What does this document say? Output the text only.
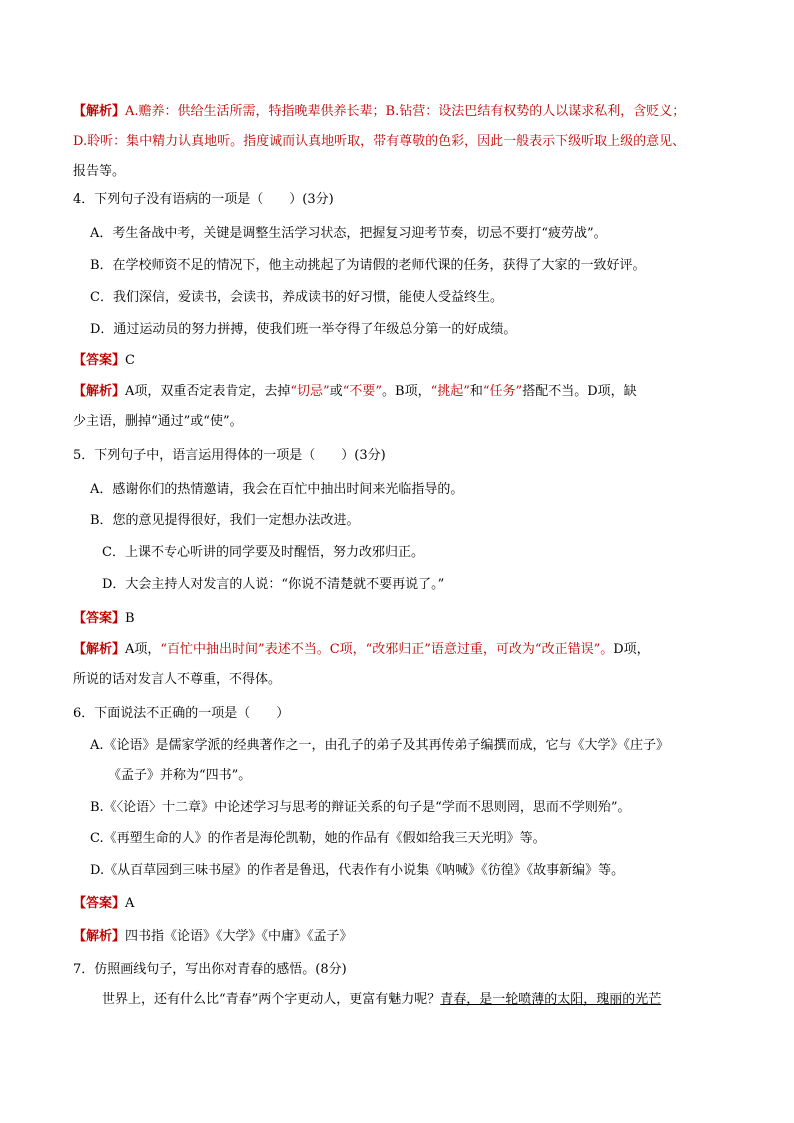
【解析】A.赡养：供给生活所需，特指晚辈供养长辈；B.钻营：设法巴结有权势的人以谋求私利，含贬义；
D.聆听：集中精力认真地听。指度诚而认真地听取，带有尊敬的色彩，因此一般表示下级听取上级的意见、
报告等。
4．下列句子没有语病的一项是（　　）(3分)
A．考生备战中考，关键是调整生活学习状态，把握复习迎考节奏，切忌不要打“疲劳战”。
B．在学校师资不足的情况下，他主动挑起了为请假的老师代课的任务，获得了大家的一致好评。
C．我们深信，爱读书，会读书，养成读书的好习惯，能使人受益终生。
D．通过运动员的努力拼搏，使我们班一举夺得了年级总分第一的好成绩。
【答案】C
【解析】A项，双重否定表肯定，去掉“切忌”或“不要”。B项，“挑起”和“任务”搭配不当。D项，缺
少主语，删掉“通过”或“使”。
5．下列句子中，语言运用得体的一项是（　　）(3分)
A．感谢你们的热情邀请，我会在百忙中抽出时间来光临指导的。
B．您的意见提得很好，我们一定想办法改进。
C．上课不专心听讲的同学要及时醒悟，努力改邪归正。
D．大会主持人对发言的人说：“你说不清楚就不要再说了。”
【答案】B
【解析】A项，“百忙中抽出时间”表述不当。C项，“改邪归正”语意过重，可改为“改正错误”。D项，
所说的话对发言人不尊重，不得体。
6．下面说法不正确的一项是（　　）
A.《论语》是儒家学派的经典著作之一，由孔子的弟子及其再传弟子编撰而成，它与《大学》《庄子》
《孟子》并称为“四书”。
B.《〈论语〉十二章》中论述学习与思考的辩证关系的句子是“学而不思则罔，思而不学则殆”。
C.《再塑生命的人》的作者是海伦凯勒，她的作品有《假如给我三天光明》等。
D.《从百草园到三味书屋》的作者是鲁迅，代表作有小说集《呐喊》《彷徨》《故事新编》等。
【答案】A
【解析】四书指《论语》《大学》《中庸》《孟子》
7．仿照画线句子，写出你对青春的感悟。(8分)
世界上，还有什么比“青春”两个字更动人，更富有魅力呢？青春，是一轮喷薄的太阳，瑰丽的光芒
